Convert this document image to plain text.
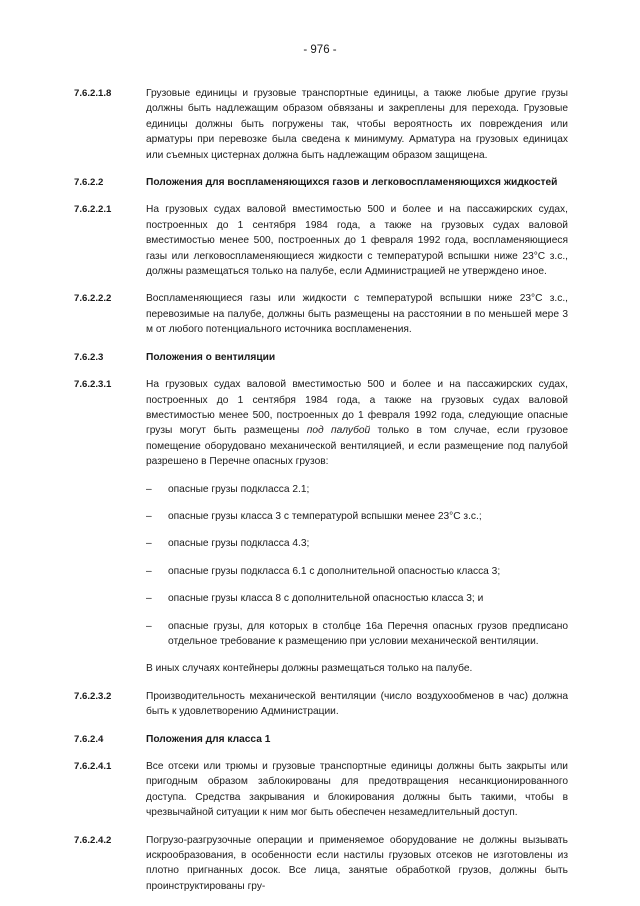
- 976 -
7.6.2.1.8	Грузовые единицы и грузовые транспортные единицы, а также любые другие грузы должны быть надлежащим образом обвязаны и закреплены для перехода. Грузовые единицы должны быть погружены так, чтобы вероятность их повреждения или арматуры при перевозке была сведена к минимуму. Арматура на грузовых единицах или съемных цистернах должна быть надлежащим образом защищена.
7.6.2.2	Положения для воспламеняющихся газов и легковоспламеняющихся жидкостей
7.6.2.2.1	На грузовых судах валовой вместимостью 500 и более и на пассажирских судах, построенных до 1 сентября 1984 года, а также на грузовых судах валовой вместимостью менее 500, построенных до 1 февраля 1992 года, воспламеняющиеся газы или легковоспламеняющиеся жидкости с температурой вспышки ниже 23°C з.с., должны размещаться только на палубе, если Администрацией не утверждено иное.
7.6.2.2.2	Воспламеняющиеся газы или жидкости с температурой вспышки ниже 23°C з.с., перевозимые на палубе, должны быть размещены на расстоянии в по меньшей мере 3 м от любого потенциального источника воспламенения.
7.6.2.3	Положения о вентиляции
7.6.2.3.1	На грузовых судах валовой вместимостью 500 и более и на пассажирских судах, построенных до 1 сентября 1984 года, а также на грузовых судах валовой вместимостью менее 500, построенных до 1 февраля 1992 года, следующие опасные грузы могут быть размещены под палубой только в том случае, если грузовое помещение оборудовано механической вентиляцией, и если размещение под палубой разрешено в Перечне опасных грузов:
–	опасные грузы подкласса 2.1;
–	опасные грузы класса 3 с температурой вспышки менее 23°C з.с.;
–	опасные грузы подкласса 4.3;
–	опасные грузы подкласса 6.1 с дополнительной опасностью класса 3;
–	опасные грузы класса 8 с дополнительной опасностью класса 3; и
–	опасные грузы, для которых в столбце 16а Перечня опасных грузов предписано отдельное требование к размещению при условии механической вентиляции.
В иных случаях контейнеры должны размещаться только на палубе.
7.6.2.3.2	Производительность механической вентиляции (число воздухообменов в час) должна быть к удовлетворению Администрации.
7.6.2.4	Положения для класса 1
7.6.2.4.1	Все отсеки или трюмы и грузовые транспортные единицы должны быть закрыты или пригодным образом заблокированы для предотвращения несанкционированного доступа. Средства закрывания и блокирования должны быть такими, чтобы в чрезвычайной ситуации к ним мог быть обеспечен незамедлительный доступ.
7.6.2.4.2	Погрузо-разгрузочные операции и применяемое оборудование не должны вызывать искрообразования, в особенности если настилы грузовых отсеков не изготовлены из плотно пригнанных досок. Все лица, занятые обработкой грузов, должны быть проинструктированы гру-
